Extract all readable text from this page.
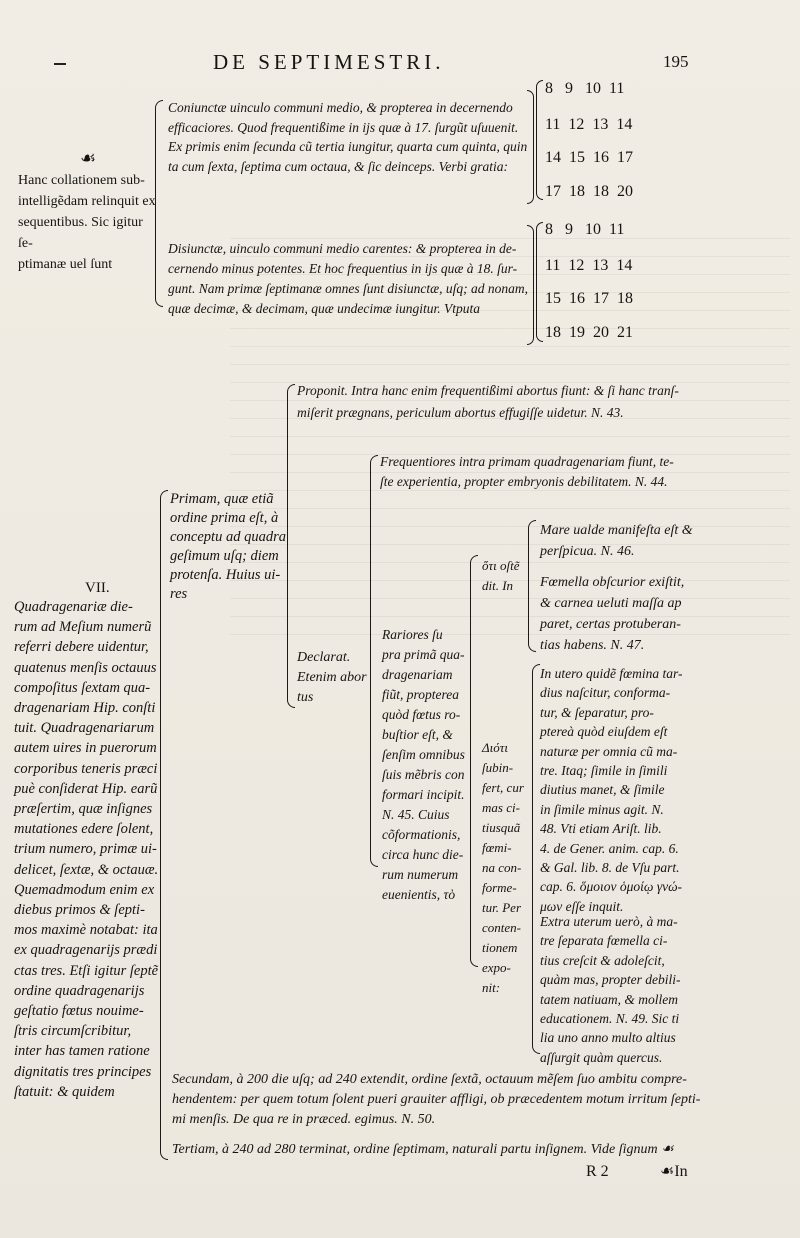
DE SEPTIMESTRI.	195
☙
Hanc collationem sub-
intelligẽdam relinquit ex
sequentibus. Sic igitur ſe-
ptimanæ uel ſunt
Coniunctæ uinculo communi medio, & propterea in decernendo
efficaciores. Quod frequentißime in ijs quæ à 17. ſurgũt uſuuenit.
Ex primis enim ſecunda cũ tertia iungitur, quarta cum quinta, quin
ta cum ſexta, ſeptima cum octaua, & ſic deinceps. Verbi gratia:
8   9   10  11
11  12  13  14
14  15  16  17
17  18  18  20
Disiunctæ, uinculo communi medio carentes: & propterea in de-
cernendo minus potentes. Et hoc frequentius in ijs quæ à 18. ſur-
gunt. Nam primæ ſeptimanæ omnes ſunt disiunctæ, uſq; ad nonam,
quæ decimæ, & decimam, quæ undecimæ iungitur. Vtputa
8   9   10  11
11  12  13  14
15  16  17  18
18  19  20  21
VII.
Quadragenariæ die-
rum ad Meſium numerũ
referri debere uidentur,
quatenus menſis octauus
compoſitus ſextam qua-
dragenariam Hip. conſti
tuit. Quadragenariarum
autem uires in puerorum
corporibus teneris præci
puè conſiderat Hip. earũ
præſertim, quæ inſignes
mutationes edere ſolent,
trium numero, primæ ui-
delicet, ſextæ, & octauæ.
Quemadmodum enim ex
diebus primos & ſepti-
mos maximè notabat: ita
ex quadragenarijs prædi
ctas tres. Etſi igitur ſeptẽ
ordine quadragenarijs
geſtatio fœtus nouime-
ſtris circumſcribitur,
inter has tamen ratione
dignitatis tres principes
ſtatuit: & quidem
Primam, quæ etiã
ordine prima eſt, à
conceptu ad quadra
geſimum uſq; diem
protenſa. Huius ui-
res
Proponit. Intra hanc enim frequentißimi abortus fiunt: & ſi hanc tranſ-
miſerit prægnans, periculum abortus effugiſſe uidetur. N. 43.
Declarat.
Etenim abor
tus
Frequentiores intra primam quadragenariam fiunt, te-
ſte experientia, propter embryonis debilitatem. N. 44.
Rariores ſu
pra primã qua-
dragenariam
fiũt, propterea
quòd fœtus ro-
buſtior eſt, &
ſenſim omnibus
ſuis mẽbris con
formari incipit.
N. 45. Cuius
cõformationis,
circa hunc die-
rum numerum
euenientis, τὸ
ὅτι oſtẽ
dit. In
Διότι
ſubin-
fert, cur
mas ci-
tiusquã
fœmi-
na con-
forme-
tur. Per
conten-
tionem
expo-
nit:
Mare ualde manifeſta eſt &
perſpicua. N. 46.
Fœmella obſcurior exiſtit,
& carnea ueluti maſſa ap
paret, certas protuberan-
tias habens. N. 47.
In utero quidẽ fœmina tar-
dius naſcitur, conforma-
tur, & ſeparatur, pro-
ptereà quòd eiuſdem eſt
naturæ per omnia cũ ma-
tre. Itaq; ſimile in ſimili
diutius manet, & ſimile
in ſimile minus agit. N.
48. Vti etiam Ariſt. lib.
4. de Gener. anim. cap. 6.
& Gal. lib. 8. de Vſu part.
cap. 6. ὅμοιον ὁμοίῳ γνώ-
μων eſſe inquit.
Extra uterum uerò, à ma-
tre ſeparata fœmella ci-
tius creſcit & adoleſcit,
quàm mas, propter debili-
tatem natiuam, & mollem
educationem. N. 49. Sic ti
lia uno anno multo altius
aſſurgit quàm quercus.
Secundam, à 200 die uſq; ad 240 extendit, ordine ſextã, octauum mẽſem ſuo ambitu compre-
hendentem: per quem totum ſolent pueri grauiter affligi, ob præcedentem motum irritum ſepti-
mi menſis. De qua re in præced. egimus. N. 50.
Tertiam, à 240 ad 280 terminat, ordine ſeptimam, naturali partu inſignem. Vide ſignum ☙
R 2	☙In
